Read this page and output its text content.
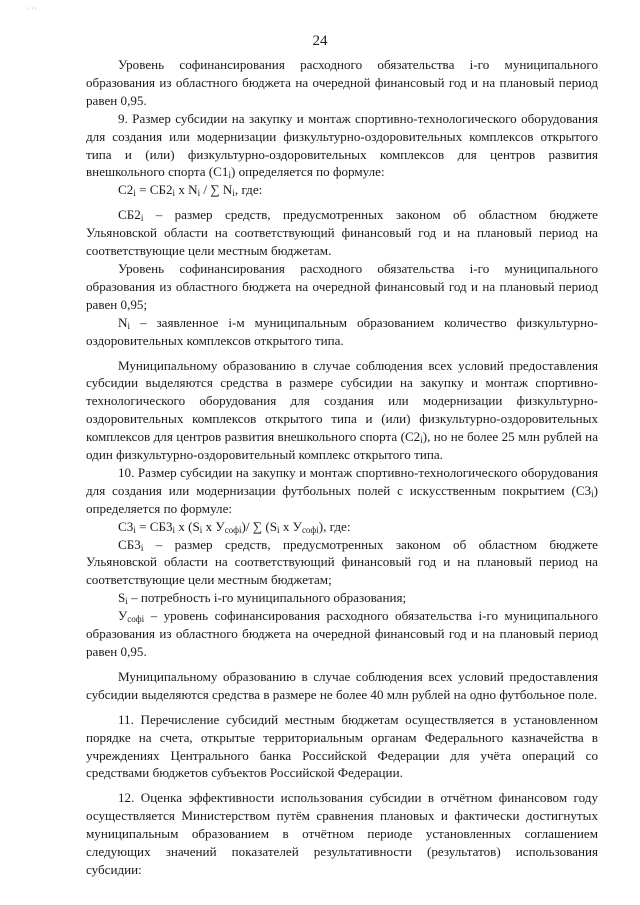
' ' '
24

Уровень софинансирования расходного обязательства i-го муниципального образования из областного бюджета на очередной финансовый год и на плановый период равен 0,95.

9. Размер субсидии на закупку и монтаж спортивно-технологического оборудования для создания или модернизации физкультурно-оздоровительных комплексов открытого типа и (или) физкультурно-оздоровительных комплексов для центров развития внешкольного спорта $(С1_i)$ определяется по формуле:

$С2_i = СБ2_i$ x $N_i$ / ∑ $N_i$, где:

$СБ2_i$ – размер средств, предусмотренных законом об областном бюджете Ульяновской области на соответствующий финансовый год и на плановый период на соответствующие цели местным бюджетам.

Уровень софинансирования расходного обязательства i-го муниципального образования из областного бюджета на очередной финансовый год и на плановый период равен 0,95;

$N_i$ – заявленное i-м муниципальным образованием количество физкультурно-оздоровительных комплексов открытого типа.

Муниципальному образованию в случае соблюдения всех условий предоставления субсидии выделяются средства в размере субсидии на закупку и монтаж спортивно-технологического оборудования для создания или модернизации физкультурно-оздоровительных комплексов открытого типа и (или) физкультурно-оздоровительных комплексов для центров развития внешкольного спорта $(С2_i)$, но не более 25 млн рублей на один физкультурно-оздоровительный комплекс открытого типа.

10. Размер субсидии на закупку и монтаж спортивно-технологического оборудования для создания или модернизации футбольных полей с искусственным покрытием $(С3_i)$ определяется по формуле:

$С3_i = СБ3_i$ x ($S_i$ x $У_{софi})/$ ∑ ($S_i$ x $У_{софi}$), где:

$СБ3_i$ – размер средств, предусмотренных законом об областном бюджете Ульяновской области на соответствующий финансовый год и на плановый период на соответствующие цели местным бюджетам;

$S_i$ – потребность i-го муниципального образования;

$У_{софi}$ – уровень софинансирования расходного обязательства i-го муниципального образования из областного бюджета на очередной финансовый год и на плановый период равен 0,95.

Муниципальному образованию в случае соблюдения всех условий предоставления субсидии выделяются средства в размере не более 40 млн рублей на одно футбольное поле.

11. Перечисление субсидий местным бюджетам осуществляется в установленном порядке на счета, открытые территориальным органам Федерального казначейства в учреждениях Центрального банка Российской Федерации для учёта операций со средствами бюджетов субъектов Российской Федерации.

12. Оценка эффективности использования субсидии в отчётном финансовом году осуществляется Министерством путём сравнения плановых и фактически достигнутых муниципальным образованием в отчётном периоде установленных соглашением следующих значений показателей результативности (результатов) использования субсидии:
